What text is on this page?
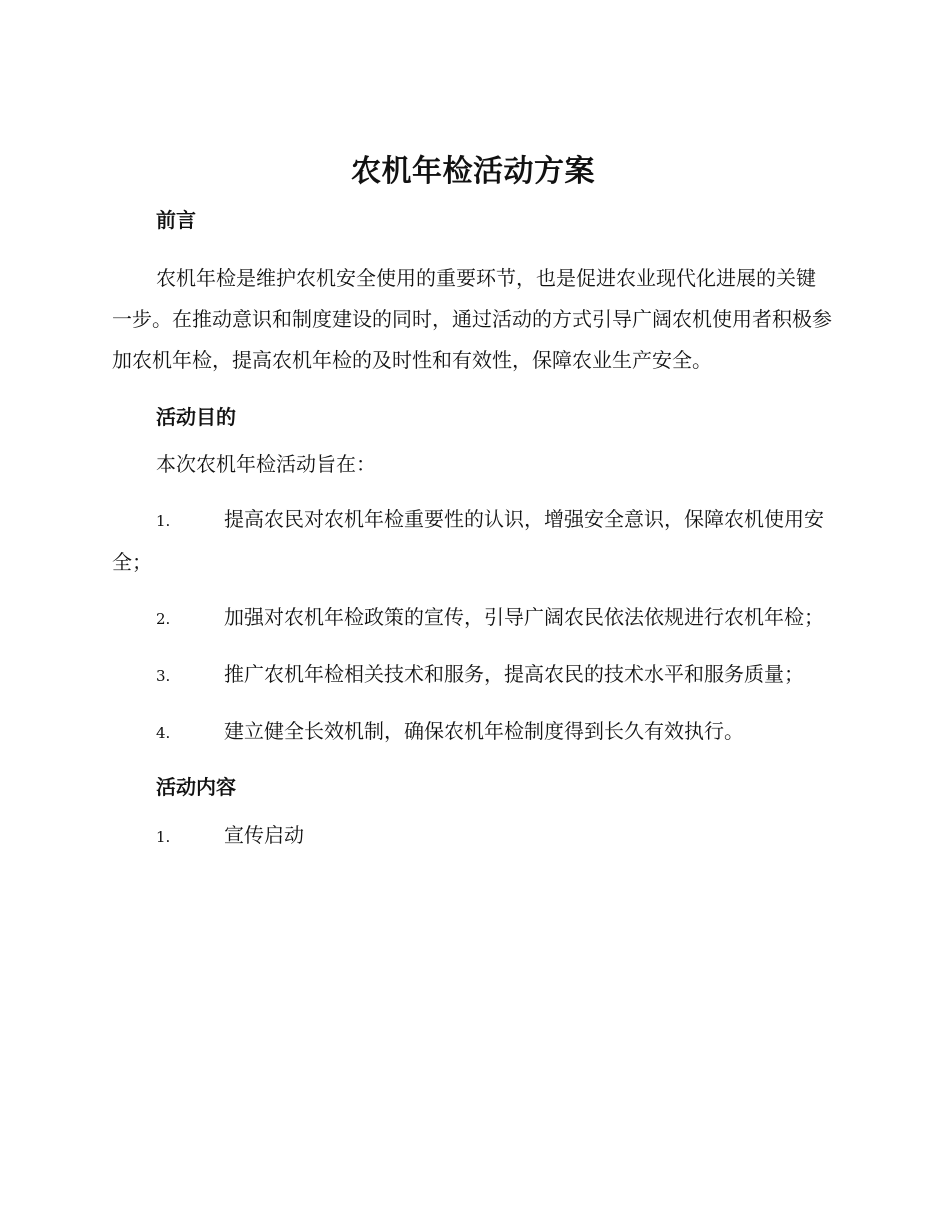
农机年检活动方案
前言

农机年检是维护农机安全使用的重要环节，也是促进农业现代化进展的关键一步。在推动意识和制度建设的同时，通过活动的方式引导广阔农机使用者积极参加农机年检，提高农机年检的及时性和有效性，保障农业生产安全。

活动目的

本次农机年检活动旨在：

1.	提高农民对农机年检重要性的认识，增强安全意识，保障农机使用安全；

2.	加强对农机年检政策的宣传，引导广阔农民依法依规进行农机年检；

3.	推广农机年检相关技术和服务，提高农民的技术水平和服务质量；

4.	建立健全长效机制，确保农机年检制度得到长久有效执行。

活动内容

1.	宣传启动
